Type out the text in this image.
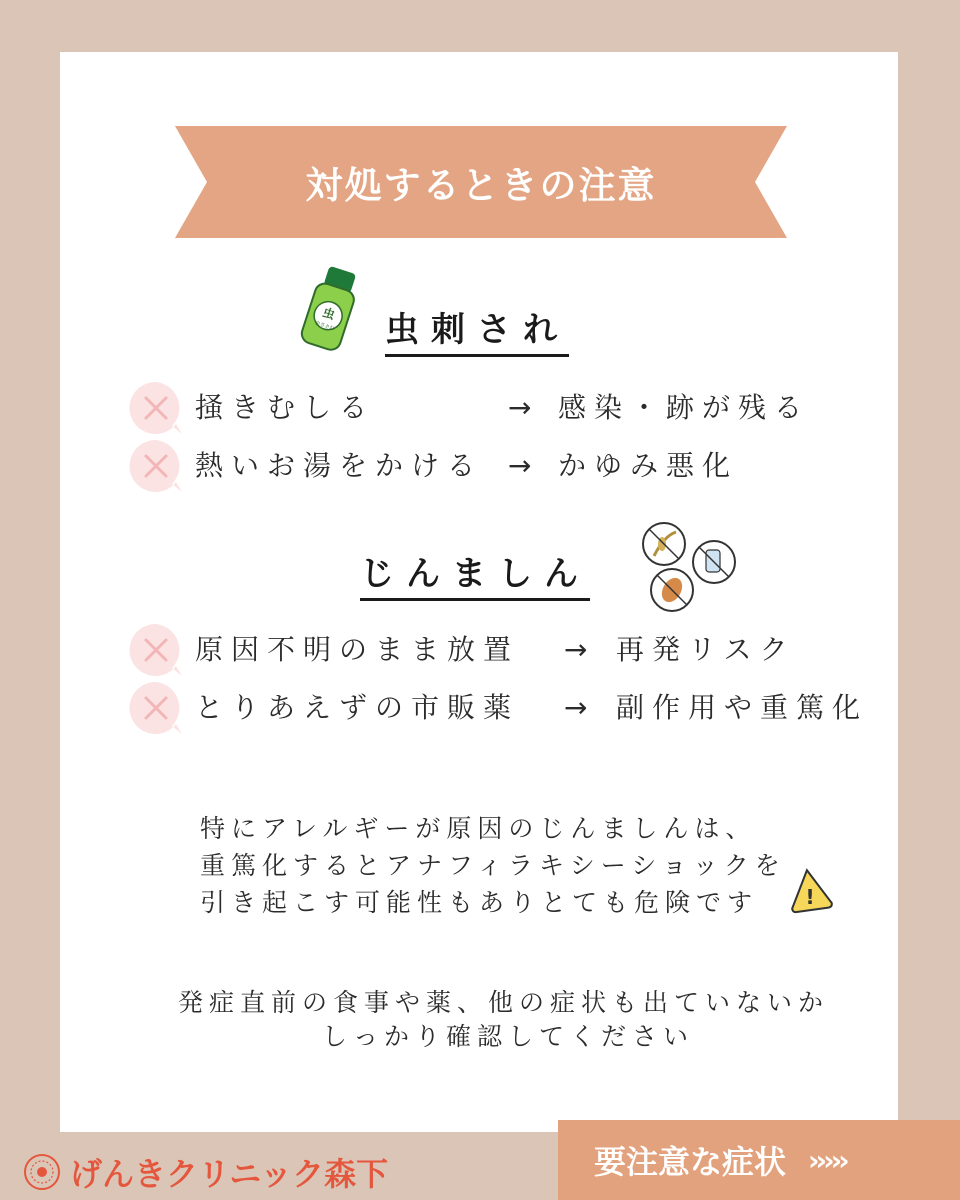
対処するときの注意
虫
虫さされ 虫刺され
掻きむしる	→ 感染・跡が残る
熱いお湯をかける → かゆみ悪化
じんましん
原因不明のまま放置 → 再発リスク
とりあえずの市販薬 → 副作用や重篤化
特にアレルギーが原因のじんましんは、
重篤化するとアナフィラキシーショックを
引き起こす可能性もありとても危険です !
発症直前の食事や薬、他の症状も出ていないか
しっかり確認してください
げんきクリニック森下	要注意な症状 ›››››
